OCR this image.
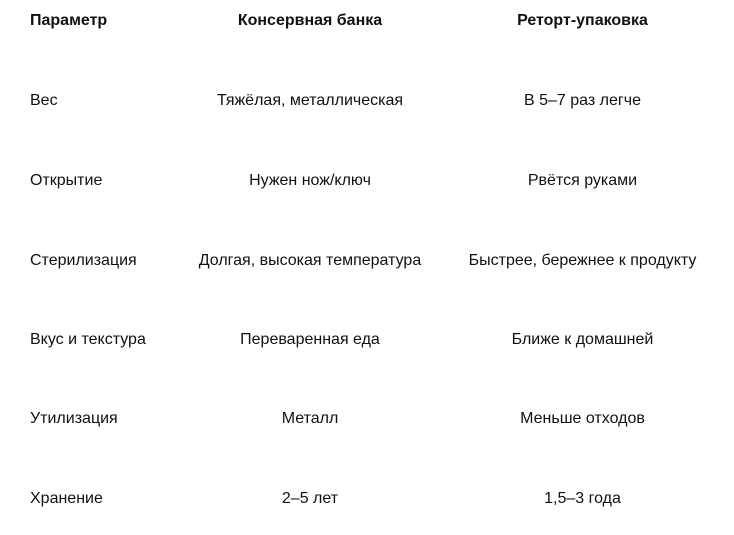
Параметр	Консервная банка	Реторт-упаковка
Вес	Тяжёлая, металлическая	В 5–7 раз легче
Открытие	Нужен нож/ключ	Рвётся руками
Стерилизация	Долгая, высокая температура	Быстрее, бережнее к продукту
Вкус и текстура	Переваренная еда	Ближе к домашней
Утилизация	Металл	Меньше отходов
Хранение	2–5 лет	1,5–3 года
